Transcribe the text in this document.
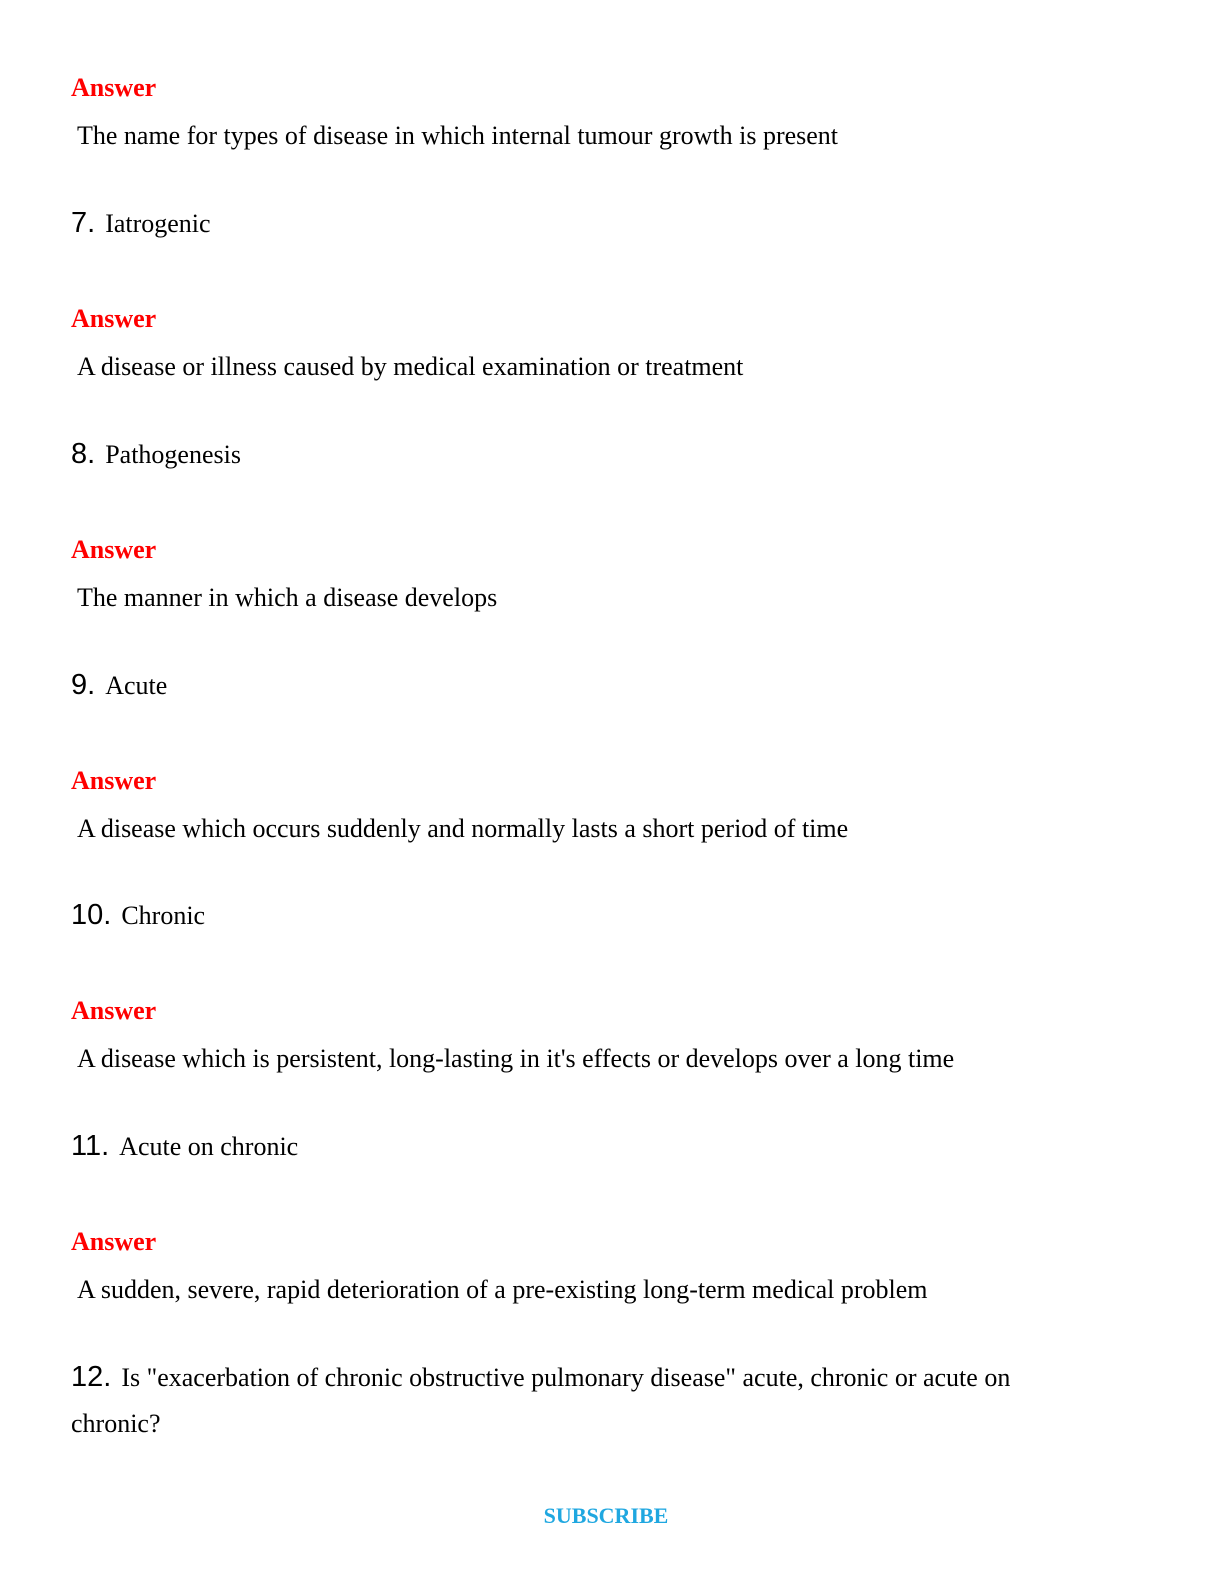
Answer
The name for types of disease in which internal tumour growth is present
7. Iatrogenic
Answer
A disease or illness caused by medical examination or treatment
8. Pathogenesis
Answer
The manner in which a disease develops
9. Acute
Answer
A disease which occurs suddenly and normally lasts a short period of time
10. Chronic
Answer
A disease which is persistent, long-lasting in it's effects or develops over a long time
11. Acute on chronic
Answer
A sudden, severe, rapid deterioration of a pre-existing long-term medical problem
12. Is "exacerbation of chronic obstructive pulmonary disease" acute, chronic or acute on chronic?
SUBSCRIBE
